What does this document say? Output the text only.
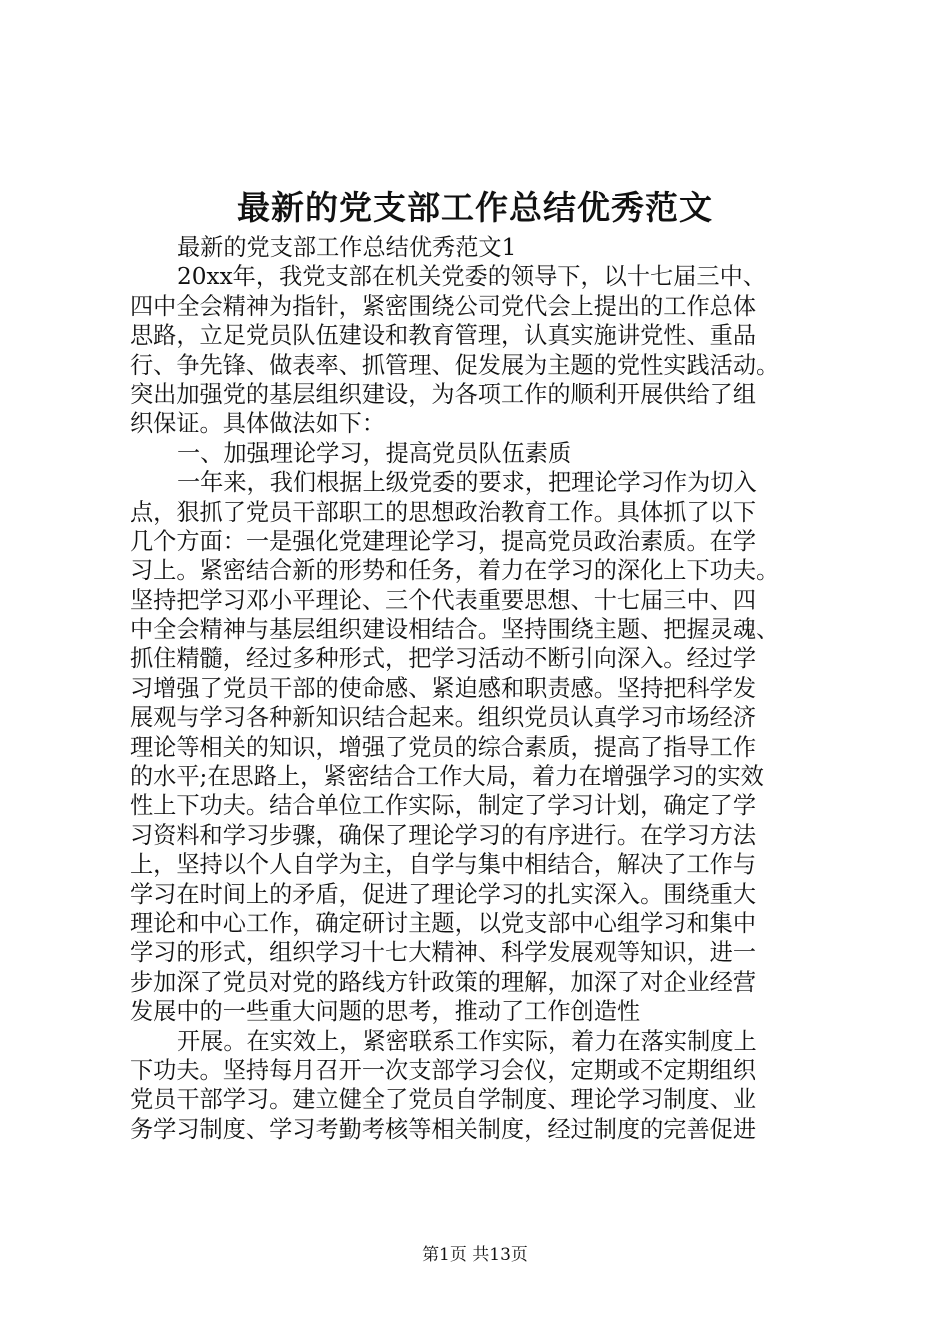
最新的党支部工作总结优秀范文
最新的党支部工作总结优秀范文1
20xx年，我党支部在机关党委的领导下，以十七届三中、
四中全会精神为指针，紧密围绕公司党代会上提出的工作总体
思路，立足党员队伍建设和教育管理，认真实施讲党性、重品
行、争先锋、做表率、抓管理、促发展为主题的党性实践活动。
突出加强党的基层组织建设，为各项工作的顺利开展供给了组
织保证。具体做法如下：
一、加强理论学习，提高党员队伍素质
一年来，我们根据上级党委的要求，把理论学习作为切入
点，狠抓了党员干部职工的思想政治教育工作。具体抓了以下
几个方面：一是强化党建理论学习，提高党员政治素质。在学
习上。紧密结合新的形势和任务，着力在学习的深化上下功夫。
坚持把学习邓小平理论、三个代表重要思想、十七届三中、四
中全会精神与基层组织建设相结合。坚持围绕主题、把握灵魂、
抓住精髓，经过多种形式，把学习活动不断引向深入。经过学
习增强了党员干部的使命感、紧迫感和职责感。坚持把科学发
展观与学习各种新知识结合起来。组织党员认真学习市场经济
理论等相关的知识，增强了党员的综合素质，提高了指导工作
的水平;在思路上，紧密结合工作大局，着力在增强学习的实效
性上下功夫。结合单位工作实际，制定了学习计划，确定了学
习资料和学习步骤，确保了理论学习的有序进行。在学习方法
上，坚持以个人自学为主，自学与集中相结合，解决了工作与
学习在时间上的矛盾，促进了理论学习的扎实深入。围绕重大
理论和中心工作，确定研讨主题，以党支部中心组学习和集中
学习的形式，组织学习十七大精神、科学发展观等知识，进一
步加深了党员对党的路线方针政策的理解，加深了对企业经营
发展中的一些重大问题的思考，推动了工作创造性
开展。在实效上，紧密联系工作实际，着力在落实制度上
下功夫。坚持每月召开一次支部学习会仪，定期或不定期组织
党员干部学习。建立健全了党员自学制度、理论学习制度、业
务学习制度、学习考勤考核等相关制度，经过制度的完善促进
第1页 共13页
